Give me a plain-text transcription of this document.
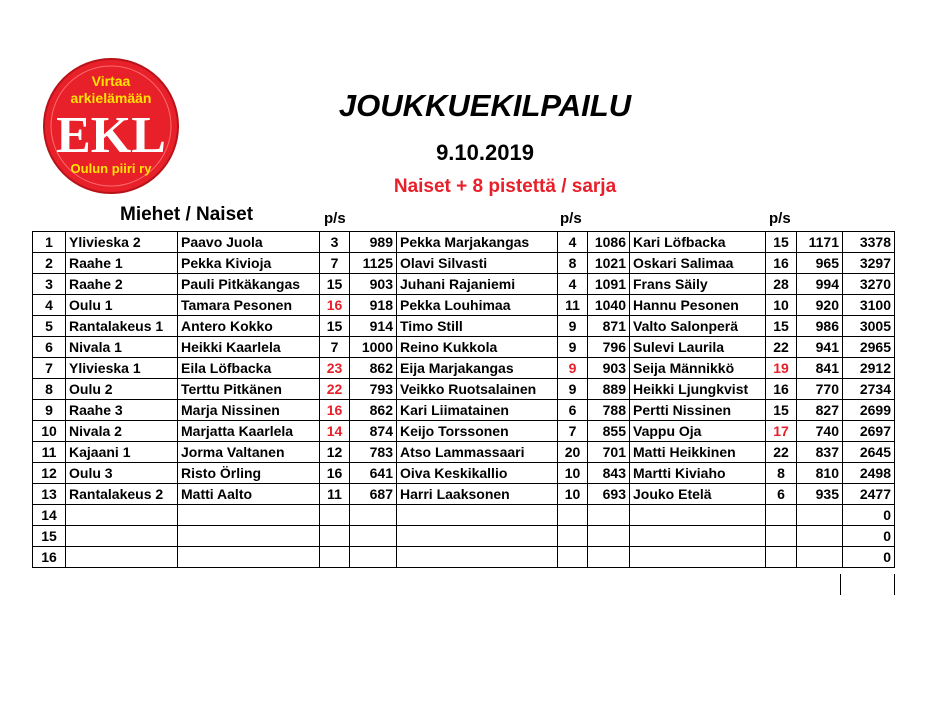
Virtaa
arkielämään
EKL
Oulun piiri ry
JOUKKUEKILPAILU
9.10.2019
Naiset + 8 pistettä / sarja
Miehet / Naiset	p/s	p/s	p/s
1	Ylivieska 2	Paavo Juola	3	989	Pekka Marjakangas	4	1086	Kari Löfbacka	15	1171	3378
2	Raahe 1	Pekka Kivioja	7	1125	Olavi Silvasti	8	1021	Oskari Salimaa	16	965	3297
3	Raahe 2	Pauli Pitkäkangas	15	903	Juhani Rajaniemi	4	1091	Frans Säily	28	994	3270
4	Oulu 1	Tamara Pesonen	16	918	Pekka Louhimaa	11	1040	Hannu Pesonen	10	920	3100
5	Rantalakeus 1	Antero Kokko	15	914	Timo Still	9	871	Valto Salonperä	15	986	3005
6	Nivala 1	Heikki Kaarlela	7	1000	Reino Kukkola	9	796	Sulevi Laurila	22	941	2965
7	Ylivieska 1	Eila Löfbacka	23	862	Eija Marjakangas	9	903	Seija Männikkö	19	841	2912
8	Oulu 2	Terttu Pitkänen	22	793	Veikko Ruotsalainen	9	889	Heikki Ljungkvist	16	770	2734
9	Raahe 3	Marja Nissinen	16	862	Kari Liimatainen	6	788	Pertti Nissinen	15	827	2699
10	Nivala 2	Marjatta Kaarlela	14	874	Keijo Torssonen	7	855	Vappu Oja	17	740	2697
11	Kajaani 1	Jorma Valtanen	12	783	Atso Lammassaari	20	701	Matti Heikkinen	22	837	2645
12	Oulu 3	Risto Örling	16	641	Oiva Keskikallio	10	843	Martti Kiviaho	8	810	2498
13	Rantalakeus 2	Matti Aalto	11	687	Harri Laaksonen	10	693	Jouko Etelä	6	935	2477
14											0
15											0
16											0
